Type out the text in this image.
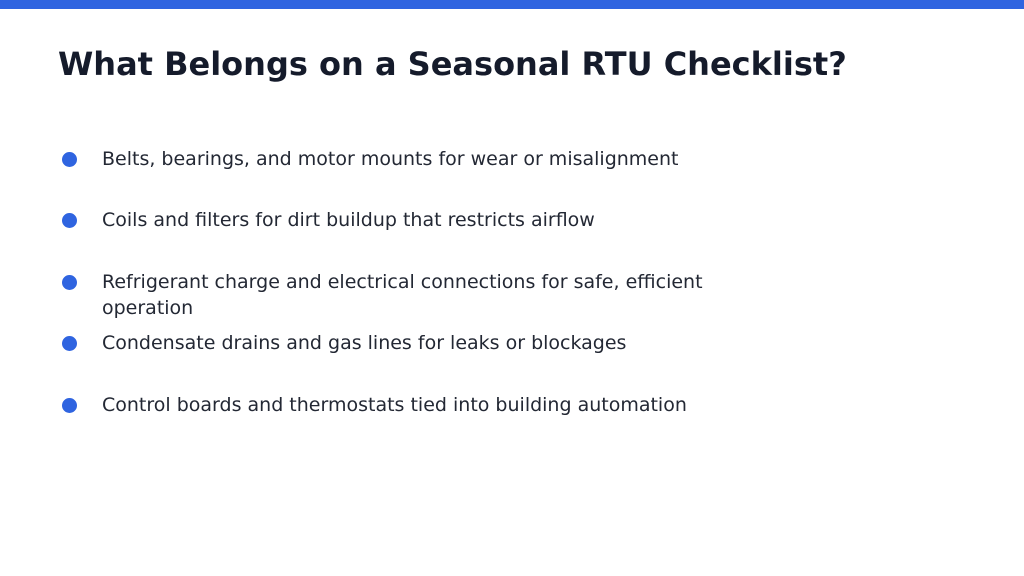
What Belongs on a Seasonal RTU Checklist?
Belts, bearings, and motor mounts for wear or misalignment
Coils and filters for dirt buildup that restricts airflow
Refrigerant charge and electrical connections for safe, efficient operation
Condensate drains and gas lines for leaks or blockages
Control boards and thermostats tied into building automation
